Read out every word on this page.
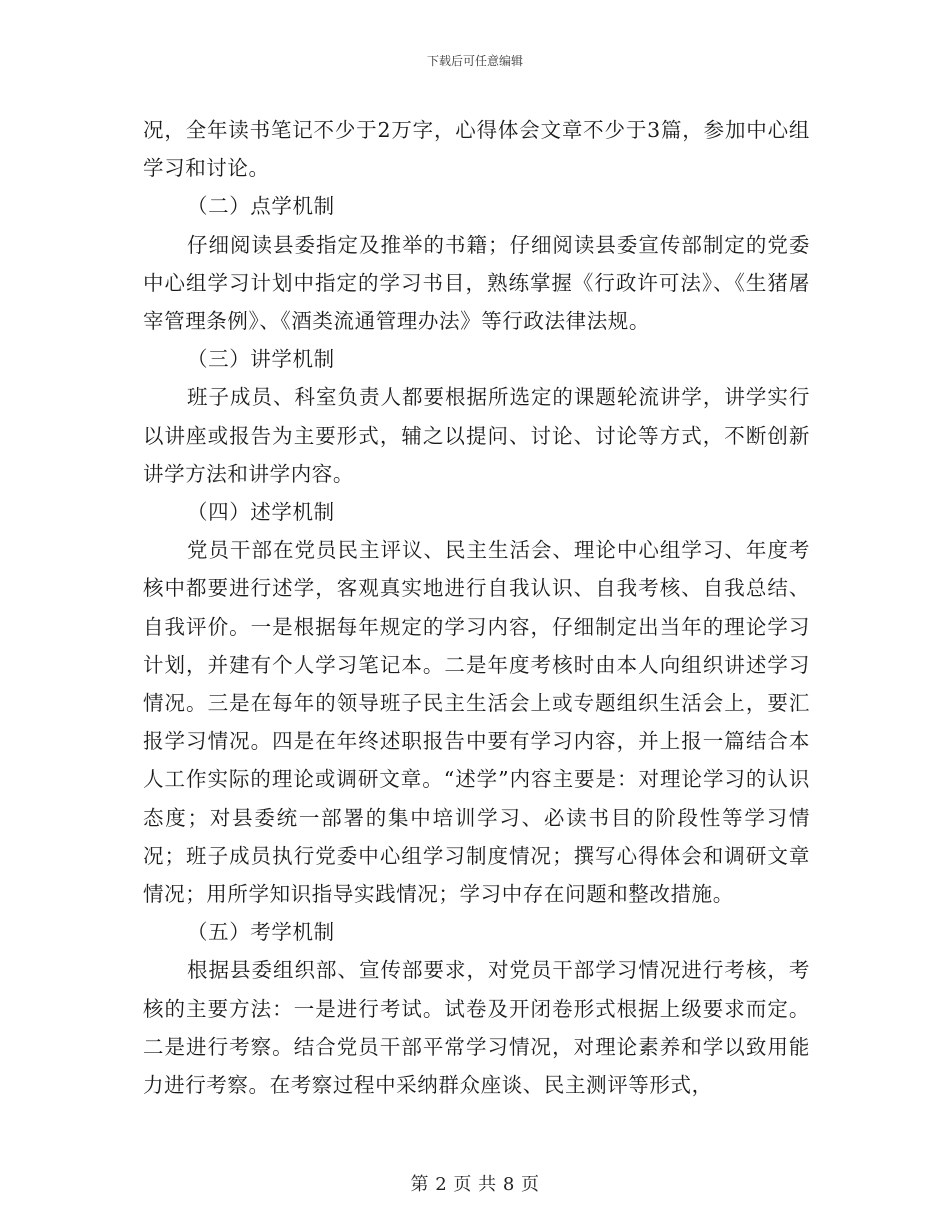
下载后可任意编辑

况，全年读书笔记不少于2万字，心得体会文章不少于3篇，参加中心组学习和讨论。

（二）点学机制

仔细阅读县委指定及推举的书籍；仔细阅读县委宣传部制定的党委中心组学习计划中指定的学习书目，熟练掌握《行政许可法》、《生猪屠宰管理条例》、《酒类流通管理办法》等行政法律法规。

（三）讲学机制

班子成员、科室负责人都要根据所选定的课题轮流讲学，讲学实行以讲座或报告为主要形式，辅之以提问、讨论、讨论等方式，不断创新讲学方法和讲学内容。

（四）述学机制

党员干部在党员民主评议、民主生活会、理论中心组学习、年度考核中都要进行述学，客观真实地进行自我认识、自我考核、自我总结、自我评价。一是根据每年规定的学习内容，仔细制定出当年的理论学习计划，并建有个人学习笔记本。二是年度考核时由本人向组织讲述学习情况。三是在每年的领导班子民主生活会上或专题组织生活会上，要汇报学习情况。四是在年终述职报告中要有学习内容，并上报一篇结合本人工作实际的理论或调研文章。“述学”内容主要是：对理论学习的认识态度；对县委统一部署的集中培训学习、必读书目的阶段性等学习情况；班子成员执行党委中心组学习制度情况；撰写心得体会和调研文章情况；用所学知识指导实践情况；学习中存在问题和整改措施。

（五）考学机制

根据县委组织部、宣传部要求，对党员干部学习情况进行考核，考核的主要方法：一是进行考试。试卷及开闭卷形式根据上级要求而定。二是进行考察。结合党员干部平常学习情况，对理论素养和学以致用能力进行考察。在考察过程中采纳群众座谈、民主测评等形式，

第 2 页 共 8 页
